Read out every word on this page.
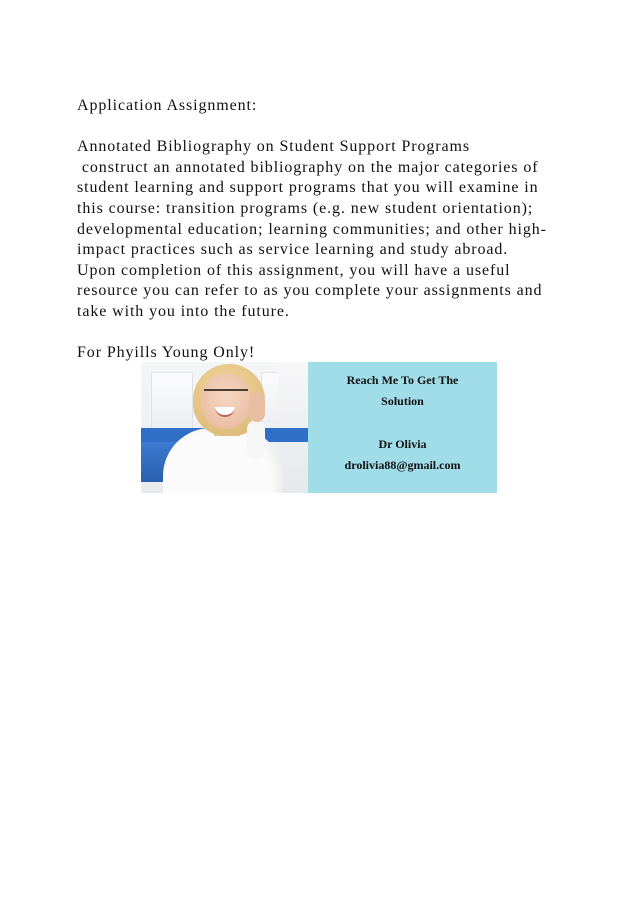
Application Assignment:
Annotated Bibliography on Student Support Programs
construct an annotated bibliography on the major categories of
student learning and support programs that you will examine in
this course: transition programs (e.g. new student orientation);
developmental education; learning communities; and other high-
impact practices such as service learning and study abroad.
Upon completion of this assignment, you will have a useful
resource you can refer to as you complete your assignments and
take with you into the future.
For Phyills Young Only!
Reach Me To Get The
Solution
Dr Olivia
drolivia88@gmail.com
